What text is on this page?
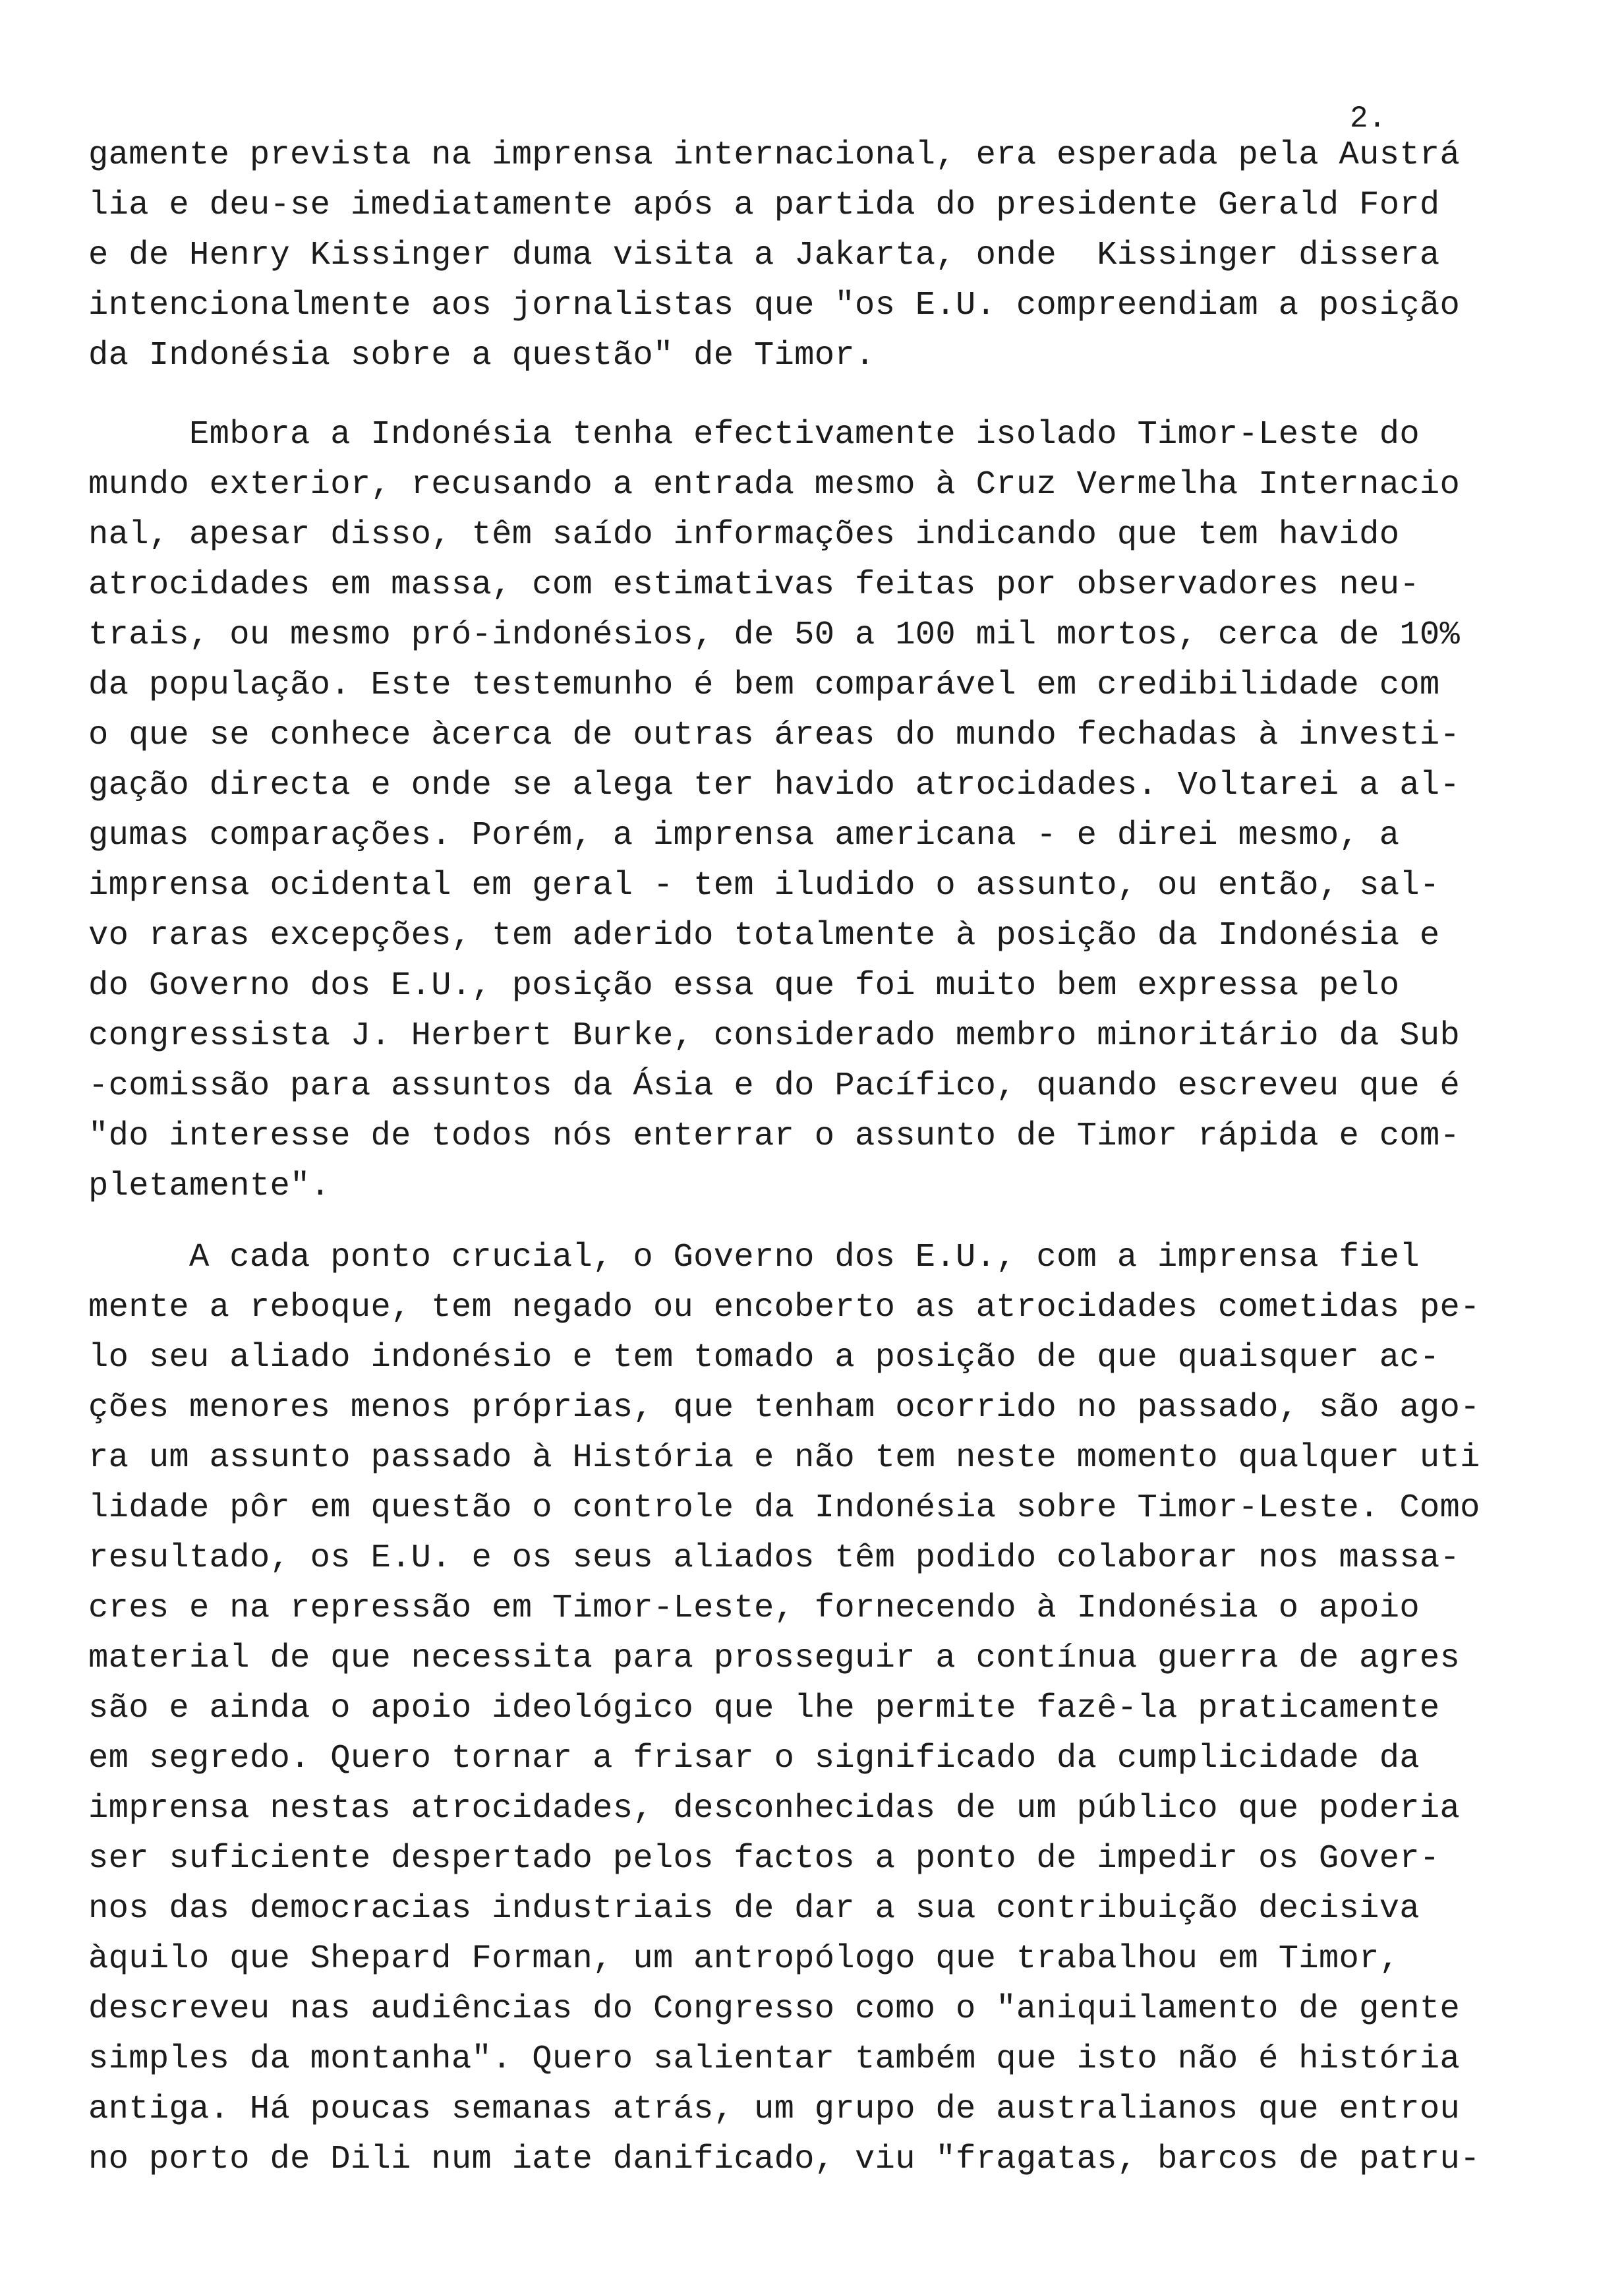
2.
gamente prevista na imprensa internacional, era esperada pela Austrá
lia e deu-se imediatamente após a partida do presidente Gerald Ford
e de Henry Kissinger duma visita a Jakarta, onde  Kissinger dissera
intencionalmente aos jornalistas que "os E.U. compreendiam a posição
da Indonésia sobre a questão" de Timor.
Embora a Indonésia tenha efectivamente isolado Timor-Leste do
mundo exterior, recusando a entrada mesmo à Cruz Vermelha Internacio
nal, apesar disso, têm saído informações indicando que tem havido
atrocidades em massa, com estimativas feitas por observadores neu-
trais, ou mesmo pró-indonésios, de 50 a 100 mil mortos, cerca de 10%
da população. Este testemunho é bem comparável em credibilidade com
o que se conhece àcerca de outras áreas do mundo fechadas à investi-
gação directa e onde se alega ter havido atrocidades. Voltarei a al-
gumas comparações. Porém, a imprensa americana - e direi mesmo, a
imprensa ocidental em geral - tem iludido o assunto, ou então, sal-
vo raras excepções, tem aderido totalmente à posição da Indonésia e
do Governo dos E.U., posição essa que foi muito bem expressa pelo
congressista J. Herbert Burke, considerado membro minoritário da Sub
-comissão para assuntos da Ásia e do Pacífico, quando escreveu que é
"do interesse de todos nós enterrar o assunto de Timor rápida e com-
pletamente".
A cada ponto crucial, o Governo dos E.U., com a imprensa fiel
mente a reboque, tem negado ou encoberto as atrocidades cometidas pe-
lo seu aliado indonésio e tem tomado a posição de que quaisquer ac-
ções menores menos próprias, que tenham ocorrido no passado, são ago-
ra um assunto passado à História e não tem neste momento qualquer uti
lidade pôr em questão o controle da Indonésia sobre Timor-Leste. Como
resultado, os E.U. e os seus aliados têm podido colaborar nos massa-
cres e na repressão em Timor-Leste, fornecendo à Indonésia o apoio
material de que necessita para prosseguir a contínua guerra de agres
são e ainda o apoio ideológico que lhe permite fazê-la praticamente
em segredo. Quero tornar a frisar o significado da cumplicidade da
imprensa nestas atrocidades, desconhecidas de um público que poderia
ser suficiente despertado pelos factos a ponto de impedir os Gover-
nos das democracias industriais de dar a sua contribuição decisiva
àquilo que Shepard Forman, um antropólogo que trabalhou em Timor,
descreveu nas audiências do Congresso como o "aniquilamento de gente
simples da montanha". Quero salientar também que isto não é história
antiga. Há poucas semanas atrás, um grupo de australianos que entrou
no porto de Dili num iate danificado, viu "fragatas, barcos de patru-
